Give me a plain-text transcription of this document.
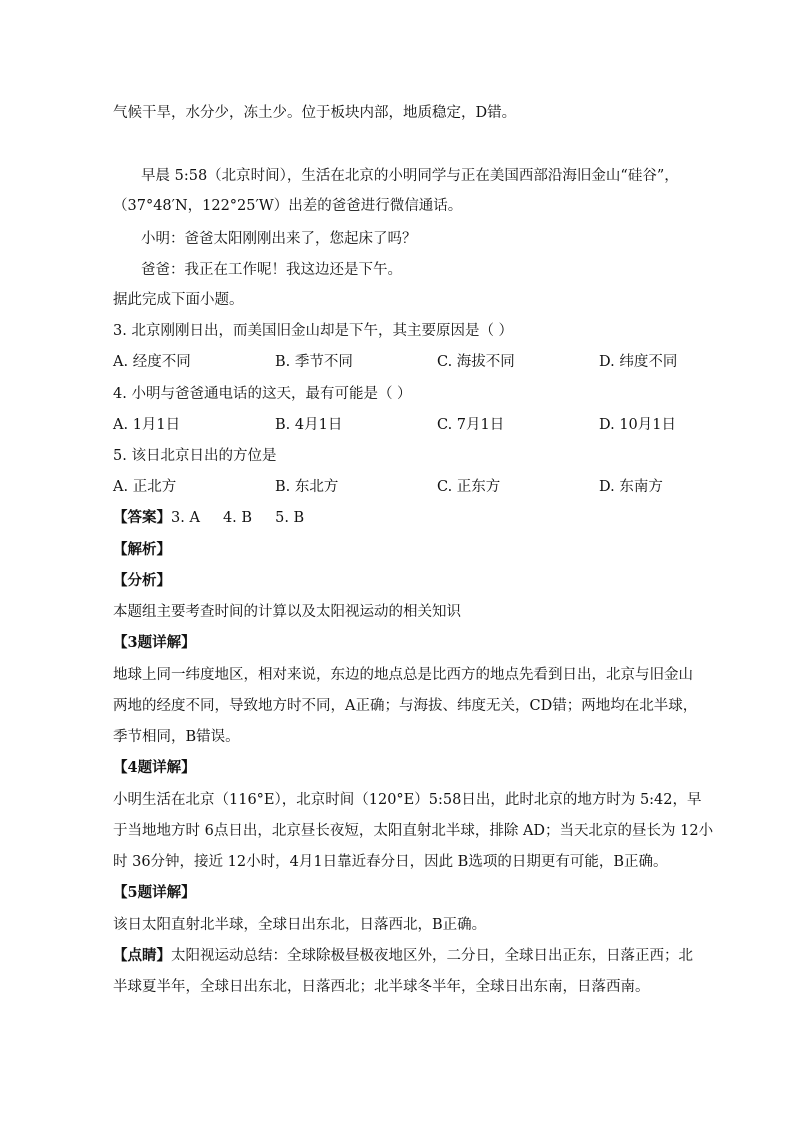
气候干旱，水分少，冻土少。位于板块内部，地质稳定，D错。
早晨 5:58（北京时间），生活在北京的小明同学与正在美国西部沿海旧金山“硅谷”，
（37°48′N，122°25′W）出差的爸爸进行微信通话。
小明：爸爸太阳刚刚出来了，您起床了吗？
爸爸：我正在工作呢！我这边还是下午。
据此完成下面小题。
3. 北京刚刚日出，而美国旧金山却是下午，其主要原因是（ ）
A. 经度不同	B. 季节不同	C. 海拔不同	D. 纬度不同
4. 小明与爸爸通电话的这天，最有可能是（ ）
A. 1月1日	B. 4月1日	C. 7月1日	D. 10月1日
5. 该日北京日出的方位是
A. 正北方	B. 东北方	C. 正东方	D. 东南方
【答案】3. A     4. B     5. B
【解析】
【分析】
本题组主要考查时间的计算以及太阳视运动的相关知识
【3题详解】
地球上同一纬度地区，相对来说，东边的地点总是比西方的地点先看到日出，北京与旧金山
两地的经度不同，导致地方时不同，A正确；与海拔、纬度无关，CD错；两地均在北半球，
季节相同，B错误。
【4题详解】
小明生活在北京（116°E），北京时间（120°E）5:58日出，此时北京的地方时为 5:42，早
于当地地方时 6点日出，北京昼长夜短，太阳直射北半球，排除 AD；当天北京的昼长为 12小
时 36分钟，接近 12小时，4月1日靠近春分日，因此 B选项的日期更有可能，B正确。
【5题详解】
该日太阳直射北半球，全球日出东北，日落西北，B正确。
【点睛】太阳视运动总结：全球除极昼极夜地区外，二分日，全球日出正东，日落正西；北
半球夏半年，全球日出东北，日落西北；北半球冬半年，全球日出东南，日落西南。
